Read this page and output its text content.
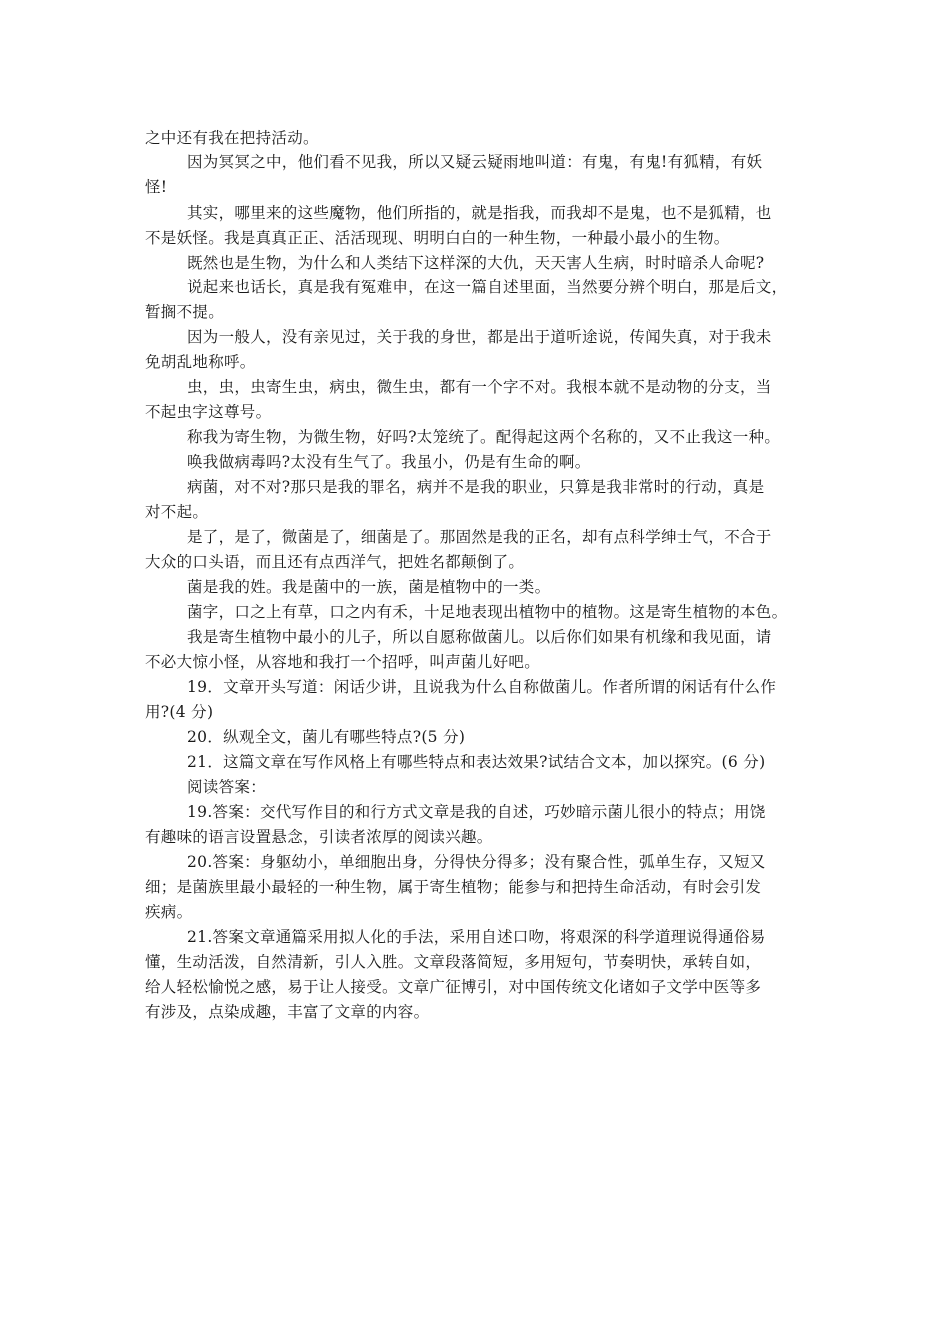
之中还有我在把持活动。
因为冥冥之中，他们看不见我，所以又疑云疑雨地叫道：有鬼，有鬼!有狐精，有妖
怪!
其实，哪里来的这些魔物，他们所指的，就是指我，而我却不是鬼，也不是狐精，也
不是妖怪。我是真真正正、活活现现、明明白白的一种生物，一种最小最小的生物。
既然也是生物，为什么和人类结下这样深的大仇，天天害人生病，时时暗杀人命呢?
说起来也话长，真是我有冤难申，在这一篇自述里面，当然要分辨个明白，那是后文，
暂搁不提。
因为一般人，没有亲见过，关于我的身世，都是出于道听途说，传闻失真，对于我未
免胡乱地称呼。
虫，虫，虫寄生虫，病虫，微生虫，都有一个字不对。我根本就不是动物的分支，当
不起虫字这尊号。
称我为寄生物，为微生物，好吗?太笼统了。配得起这两个名称的，又不止我这一种。
唤我做病毒吗?太没有生气了。我虽小，仍是有生命的啊。
病菌，对不对?那只是我的罪名，病并不是我的职业，只算是我非常时的行动，真是
对不起。
是了，是了，微菌是了，细菌是了。那固然是我的正名，却有点科学绅士气，不合于
大众的口头语，而且还有点西洋气，把姓名都颠倒了。
菌是我的姓。我是菌中的一族，菌是植物中的一类。
菌字，口之上有草，口之内有禾，十足地表现出植物中的植物。这是寄生植物的本色。
我是寄生植物中最小的儿子，所以自愿称做菌儿。以后你们如果有机缘和我见面，请
不必大惊小怪，从容地和我打一个招呼，叫声菌儿好吧。
19．文章开头写道：闲话少讲，且说我为什么自称做菌儿。作者所谓的闲话有什么作
用?(4 分)
20．纵观全文，菌儿有哪些特点?(5 分)
21．这篇文章在写作风格上有哪些特点和表达效果?试结合文本，加以探究。(6 分)
阅读答案：
19.答案：交代写作目的和行方式文章是我的自述，巧妙暗示菌儿很小的特点；用饶
有趣味的语言设置悬念，引读者浓厚的阅读兴趣。
20.答案：身躯幼小，单细胞出身，分得快分得多；没有聚合性，弧单生存，又短又
细；是菌族里最小最轻的一种生物，属于寄生植物；能参与和把持生命活动，有时会引发
疾病。
21.答案文章通篇采用拟人化的手法，采用自述口吻，将艰深的科学道理说得通俗易
懂，生动活泼，自然清新，引人入胜。文章段落简短，多用短句，节奏明快，承转自如，
给人轻松愉悦之感，易于让人接受。文章广征博引，对中国传统文化诸如子文学中医等多
有涉及，点染成趣，丰富了文章的内容。
